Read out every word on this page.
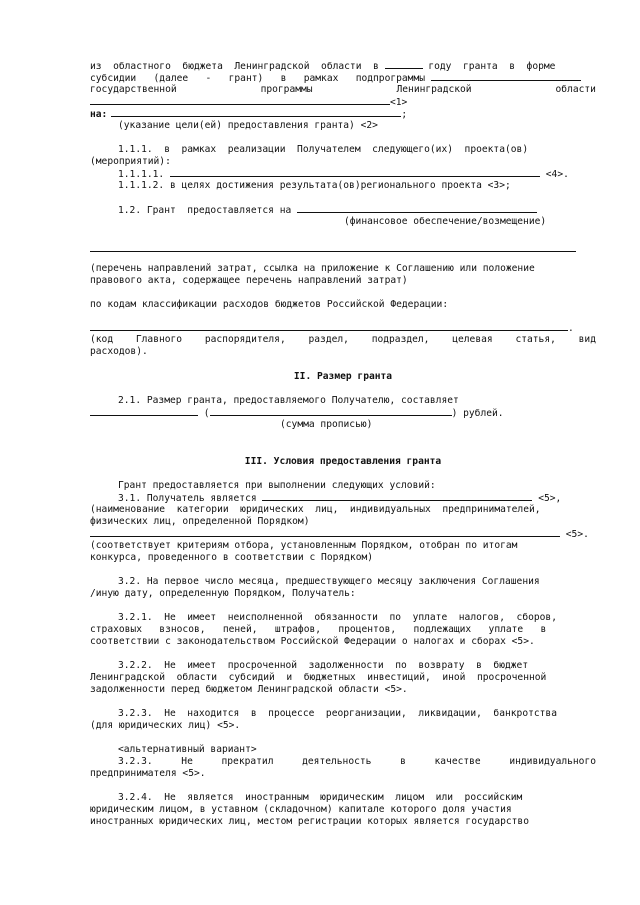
из  областного  бюджета  Ленинградской  области  в	году  гранта  в  форме
субсидии   (далее   -   грант)   в   рамках   подпрограммы
государственной	программы	Ленинградской	области
<1>
на:	;
(указание цели(ей) предоставления гранта) <2>
1.1.1.  в  рамках  реализации  Получателем  следующего(их)  проекта(ов)
(мероприятий):
1.1.1.1.	<4>.
1.1.1.2. в целях достижения результата(ов)регионального проекта <3>;
1.2. Грант  предоставляется на
(финансовое обеспечение/возмещение)
(перечень направлений затрат, ссылка на приложение к Соглашению или положение
правового акта, содержащее перечень направлений затрат)
по кодам классификации расходов бюджетов Российской Федерации:
.
(код Главного распорядителя, раздел, подраздел, целевая статья, вид
расходов).
II. Размер гранта
2.1. Размер гранта, предоставляемого Получателю, составляет
(	) рублей.
(сумма прописью)
III. Условия предоставления гранта
Грант предоставляется при выполнении следующих условий:
3.1. Получатель является	<5>,
(наименование  категории  юридических  лиц,  индивидуальных  предпринимателей,
физических лиц, определенной Порядком)
<5>.
(соответствует критериям отбора, установленным Порядком, отобран по итогам
конкурса, проведенного в соответствии с Порядком)
3.2. На первое число месяца, предшествующего месяцу заключения Соглашения
/иную дату, определенную Порядком, Получатель:
3.2.1.  Не  имеет  неисполненной  обязанности  по  уплате  налогов,  сборов,
страховых   взносов,   пеней,   штрафов,   процентов,   подлежащих   уплате   в
соответствии с законодательством Российской Федерации о налогах и сборах <5>.
3.2.2.  Не  имеет  просроченной  задолженности  по  возврату  в  бюджет
Ленинградской  области  субсидий  и  бюджетных  инвестиций,  иной  просроченной
задолженности перед бюджетом Ленинградской области <5>.
3.2.3.  Не  находится  в  процессе  реорганизации,  ликвидации,  банкротства
(для юридических лиц) <5>.
<альтернативный вариант>
3.2.3.	Не	прекратил	деятельность	в	качестве	индивидуального
предпринимателя <5>.
3.2.4.  Не  является  иностранным  юридическим  лицом  или  российским
юридическим лицом, в уставном (складочном) капитале которого доля участия
иностранных юридических лиц, местом регистрации которых является государство
